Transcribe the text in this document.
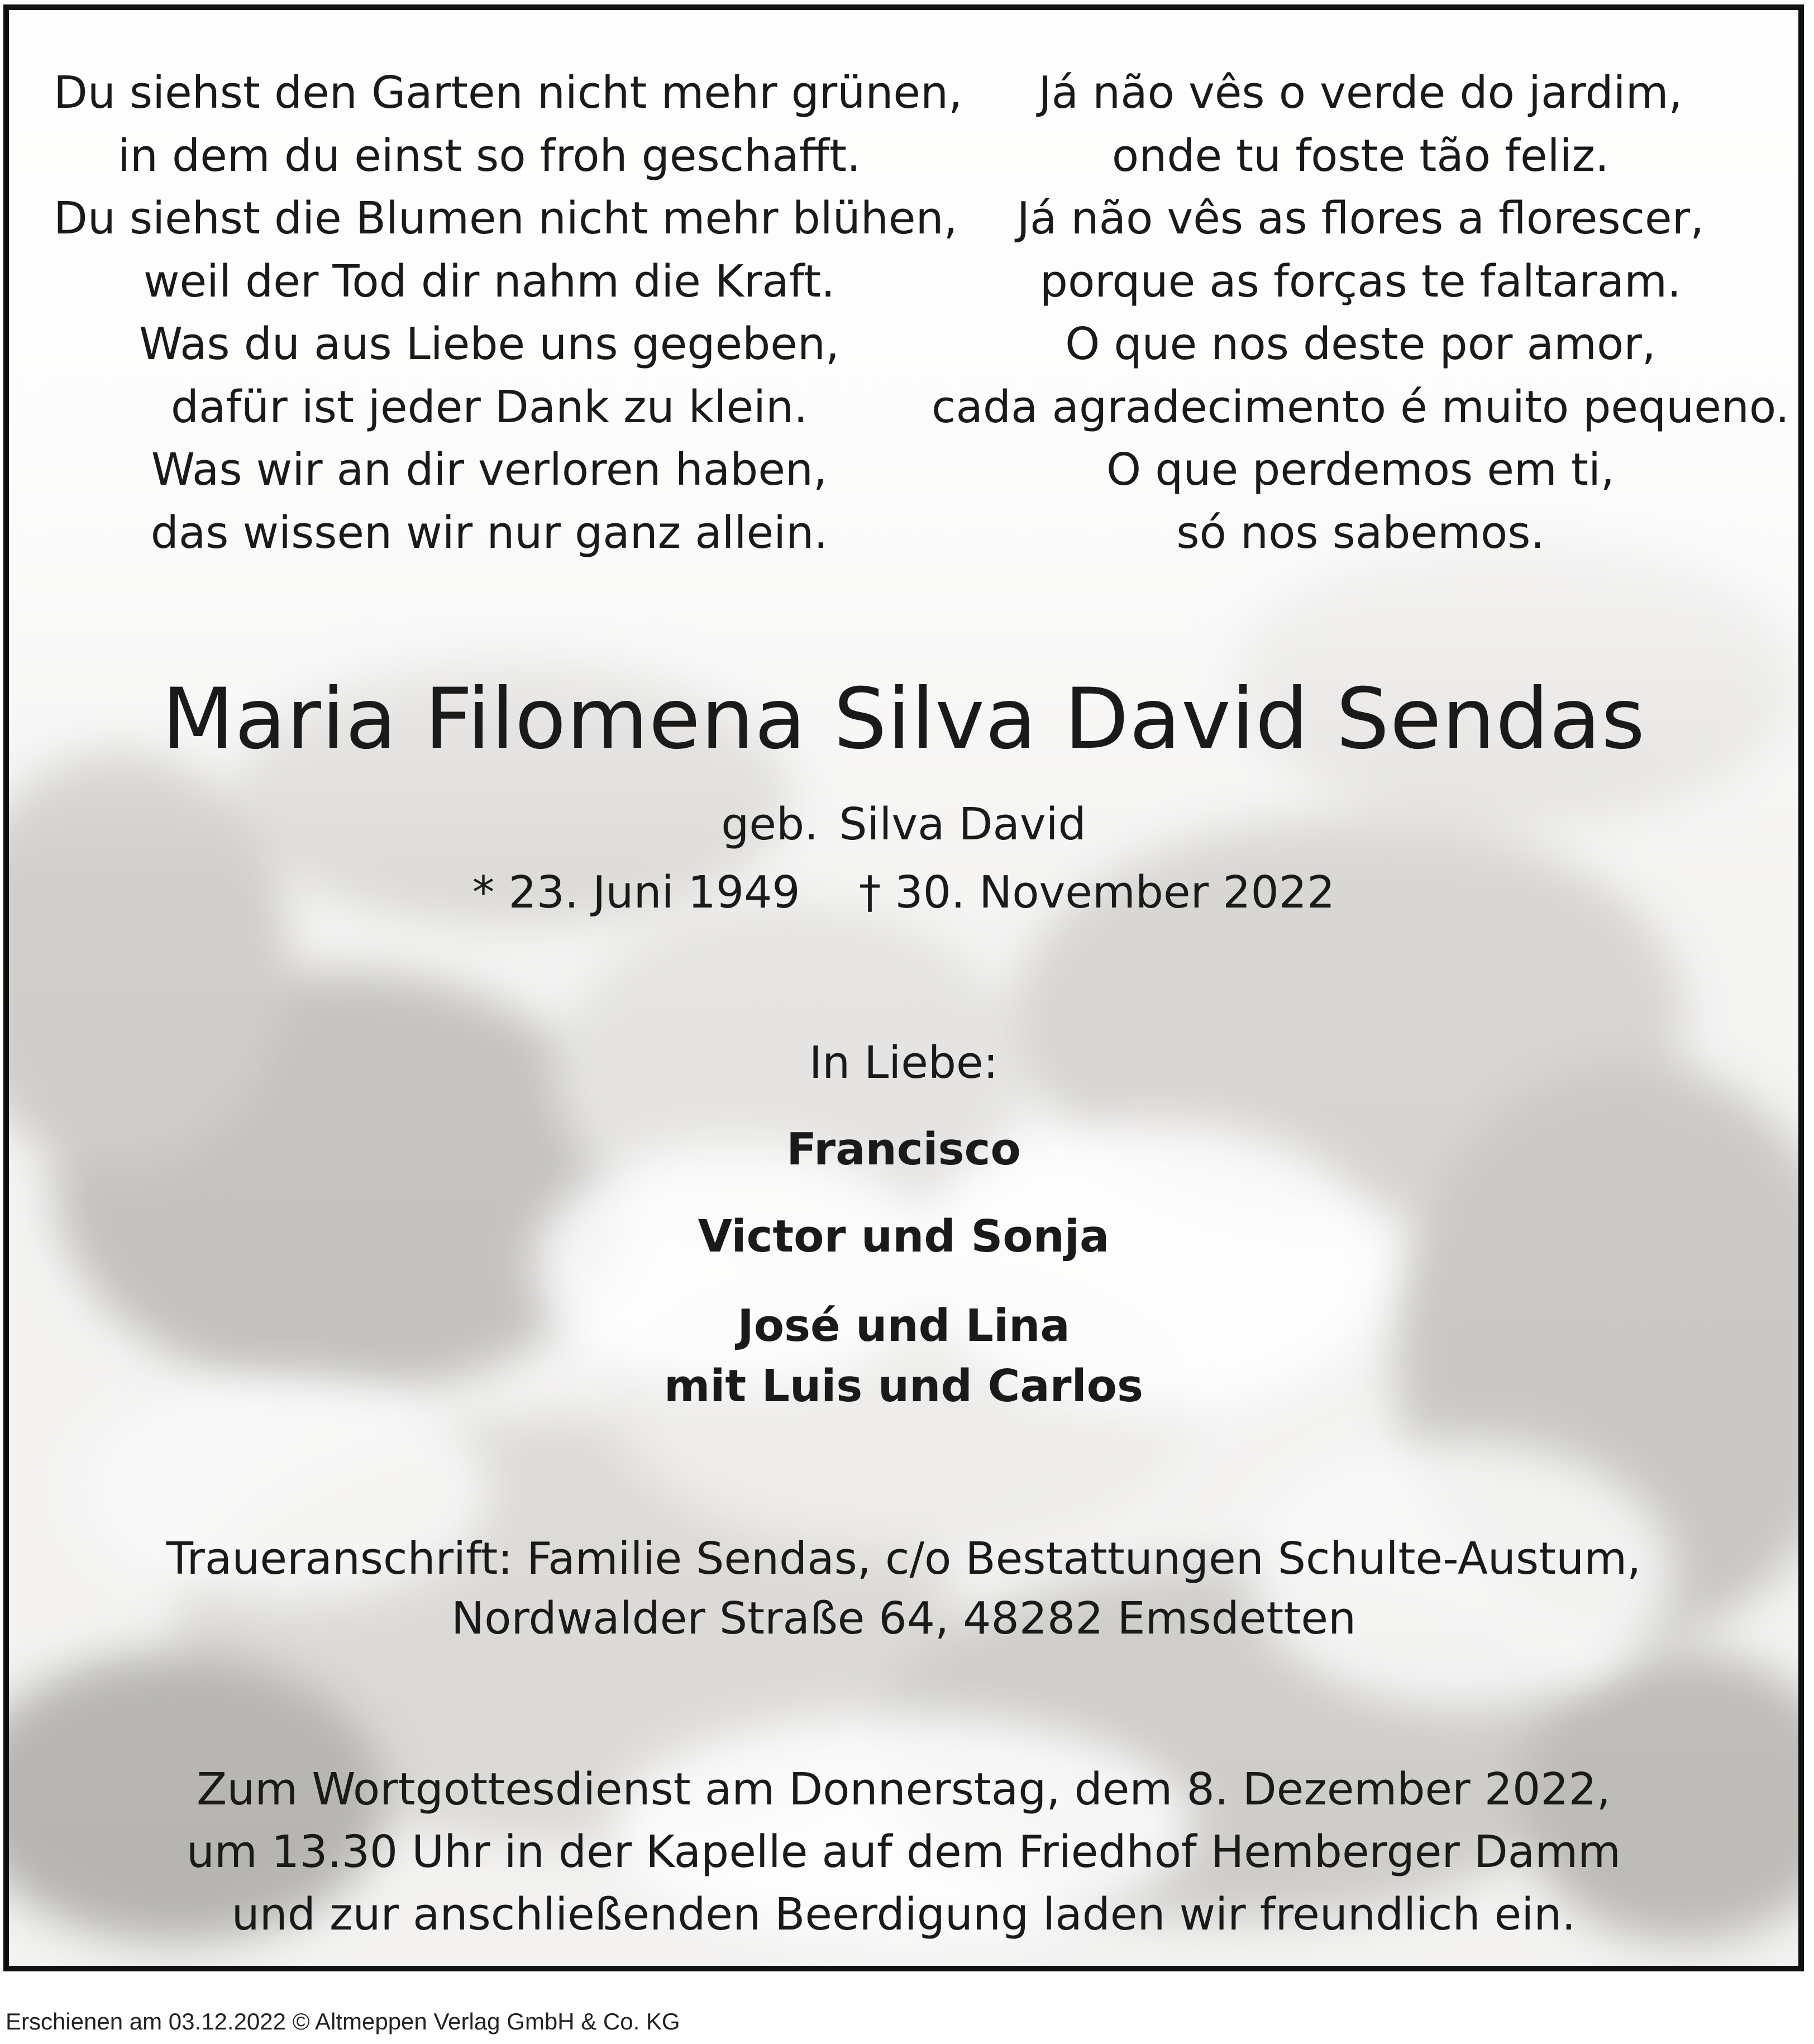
Du siehst den Garten nicht mehr grünen,
in dem du einst so froh geschafft.
Du siehst die Blumen nicht mehr blühen,
weil der Tod dir nahm die Kraft.
Was du aus Liebe uns gegeben,
dafür ist jeder Dank zu klein.
Was wir an dir verloren haben,
das wissen wir nur ganz allein.
Já não vês o verde do jardim,
onde tu foste tão feliz.
Já não vês as flores a florescer,
porque as forças te faltaram.
O que nos deste por amor,
cada agradecimento é muito pequeno.
O que perdemos em ti,
só nos sabemos.
Maria Filomena Silva David Sendas
geb. Silva David
* 23. Juni 1949 † 30. November 2022
In Liebe:
Francisco
Victor und Sonja
José und Lina
mit Luis und Carlos
Traueranschrift: Familie Sendas, c/o Bestattungen Schulte-Austum,
Nordwalder Straße 64, 48282 Emsdetten
Zum Wortgottesdienst am Donnerstag, dem 8. Dezember 2022,
um 13.30 Uhr in der Kapelle auf dem Friedhof Hemberger Damm
und zur anschließenden Beerdigung laden wir freundlich ein.
Erschienen am 03.12.2022 © Altmeppen Verlag GmbH & Co. KG
